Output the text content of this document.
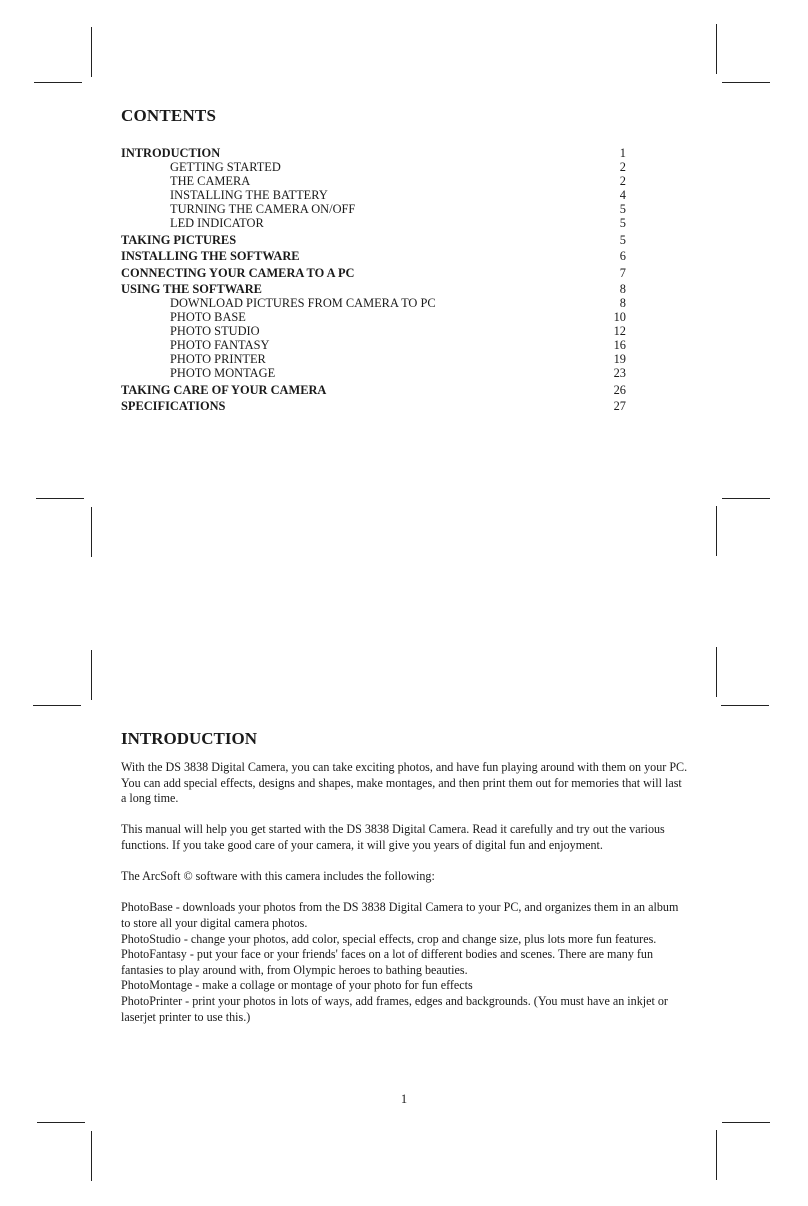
CONTENTS
INTRODUCTION	1
GETTING STARTED	2
THE CAMERA	2
INSTALLING THE BATTERY	4
TURNING THE CAMERA ON/OFF	5
LED INDICATOR	5
TAKING PICTURES	5
INSTALLING THE SOFTWARE	6
CONNECTING YOUR CAMERA TO A PC	7
USING THE SOFTWARE	8
DOWNLOAD PICTURES FROM CAMERA TO PC	8
PHOTO BASE	10
PHOTO STUDIO	12
PHOTO FANTASY	16
PHOTO PRINTER	19
PHOTO MONTAGE	23
TAKING CARE OF YOUR CAMERA	26
SPECIFICATIONS	27
INTRODUCTION

With the DS 3838 Digital Camera, you can take exciting photos, and have fun playing around with them on your PC. You can add special effects, designs and shapes, make montages, and then print them out for memories that will last a long time.

This manual will help you get started with the DS 3838 Digital Camera. Read it carefully and try out the various functions. If you take good care of your camera, it will give you years of digital fun and enjoyment.

The ArcSoft © software with this camera includes the following:

PhotoBase - downloads your photos from the DS 3838 Digital Camera to your PC, and organizes them in an album to store all your digital camera photos.

PhotoStudio - change your photos, add color, special effects, crop and change size, plus lots more fun features.

PhotoFantasy - put your face or your friends' faces on a lot of different bodies and scenes. There are many fun fantasies to play around with, from Olympic heroes to bathing beauties.

PhotoMontage - make a collage or montage of your photo for fun effects

PhotoPrinter - print your photos in lots of ways, add frames, edges and backgrounds. (You must have an inkjet or laserjet printer to use this.)

1
